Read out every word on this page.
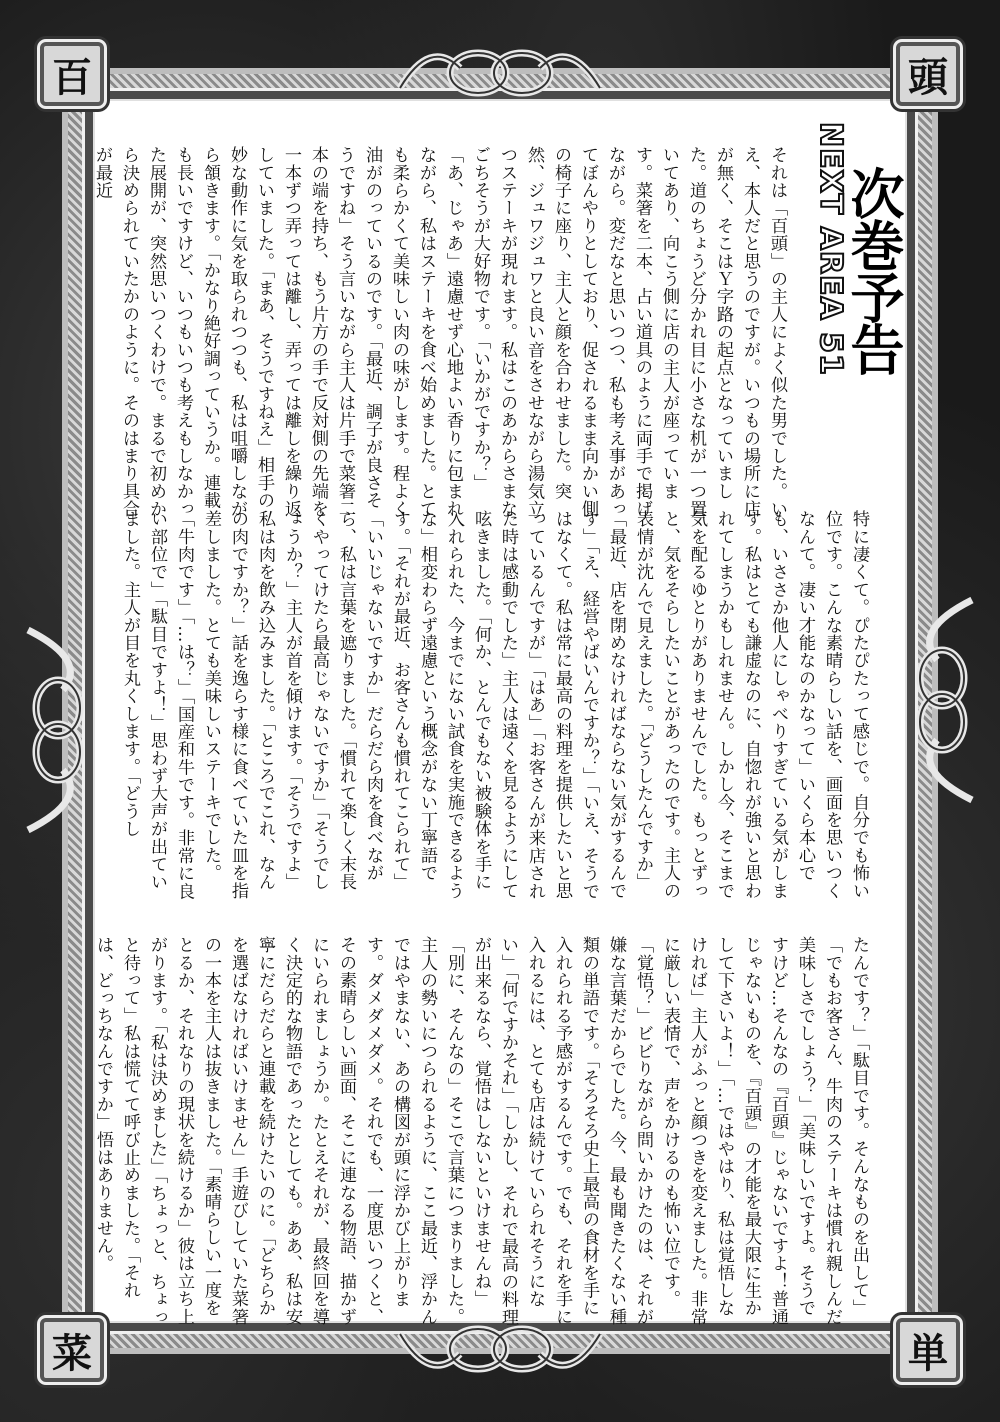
百	頭
菜	単
NEXT AREA 51
次巻予告
それは「百頭」の主人によく似た男でした。いえ、本人だと思うのですが。いつもの場所に店が無く、そこはＹ字路の起点となっていました。道のちょうど分かれ目に小さな机が一つ置いてあり、向こう側に店の主人が座っています。菜箸を二本、占い道具のように両手で掲げながら。変だなと思いつつ、私も考え事があってぼんやりとしており、促されるまま向かい側の椅子に座り、主人と顔を合わせました。突然、ジュワジュワと良い音をさせながら湯気立つステーキが現れます。私はこのあからさまなごちそうが大好物です。「いかがですか？」「あ、じゃあ」遠慮せず心地よい香りに包まれながら、私はステーキを食べ始めました。とても柔らかくて美味しい肉の味がします。程よく油がのっているのです。「最近、調子が良さそうですね」そう言いながら主人は片手で菜箸二本の端を持ち、もう片方の手で反対側の先端を一本ずつ弄っては離し、弄っては離しを繰り返していました。「まあ、そうですねえ」相手の妙な動作に気を取られつつも、私は咀嚼しながら頷きます。「かなり絶好調っていうか。連載も長いですけど、いつもいつも考えもしなかった展開が、突然思いつくわけで。まるで初めから決められていたかのように。そのはまり具合が最近
特に凄くて。ぴたぴたって感じで。自分でも怖い位です。こんな素晴らしい話を、画面を思いつくなんて。凄い才能なのかなって」いくら本心でも、いささか他人にしゃべりすぎている気がします。私はとても謙虚なのに、自惚れが強いと思われてしまうかもしれません。しかし今、そこまで気を配るゆとりがありませんでした。もっとずっと、気をそらしたいことがあったのです。主人の表情が沈んで見えました。「どうしたんですか」「最近、店を閉めなければならない気がするんです」「え、経営やばいんですか？」「いえ、そうではなくて。私は常に最高の料理を提供したいと思っているんですが」「はあ」「お客さんが来店された時は感動でした」主人は遠くを見るようにして呟きました。「何か、とんでもない被験体を手に入れられた、今までにない試食を実施できるような」相変わらず遠慮という概念がない丁寧語です。「それが最近、お客さんも慣れてこられて」「いいじゃないですか」だらだら肉を食べながら、私は言葉を遮りました。「慣れて楽しく末長くやってけたら最高じゃないですか」「そうでしょうか？」主人が首を傾けます。「そうですよ」私は肉を飲み込みました。「ところでこれ、なんの肉ですか？」話を逸らす様に食べていた皿を指差しました。とても美味しいステーキでした。「牛肉です」「…は？」「国産和牛です。非常に良い部位で」「駄目ですよ！」思わず大声が出ていました。主人が目を丸くします。「どうし
たんです？」「駄目です。そんなものを出して」「でもお客さん、牛肉のステーキは慣れ親しんだ美味しさでしょう？」「美味しいですよ。そうですけど…そんなの『百頭』じゃないですよ！普通じゃないものを、『百頭』の才能を最大限に生かして下さいよ！」「…ではやはり、私は覚悟しなければ」主人がふっと顔つきを変えました。非常に厳しい表情で、声をかけるのも怖い位です。「覚悟？」ビビりながら問いかけたのは、それが嫌な言葉だからでした。今、最も聞きたくない種類の単語です。「そろそろ史上最高の食材を手に入れられる予感がするんです。でも、それを手に入れるには、とても店は続けていられそうにない」「何ですかそれ」「しかし、それで最高の料理が出来るなら、覚悟はしないといけませんね」「別に、そんなの」そこで言葉につまりました。主人の勢いにつられるように、ここ最近、浮かんではやまない、あの構図が頭に浮かび上がります。ダメダメダメ。それでも、一度思いつくと、その素晴らしい画面、そこに連なる物語、描かずにいられましょうか。たとえそれが、最終回を導く決定的な物語であったとしても。ああ、私は安寧にだらだらと連載を続けたいのに。「どちらかを選ばなければいけません」手遊びしていた菜箸の一本を主人は抜きました。「素晴らしい一度をとるか、それなりの現状を続けるか」彼は立ち上がります。「私は決めました」「ちょっと、ちょっと待って」私は慌てて呼び止めました。「それは、どっちなんですか」悟はありません。
